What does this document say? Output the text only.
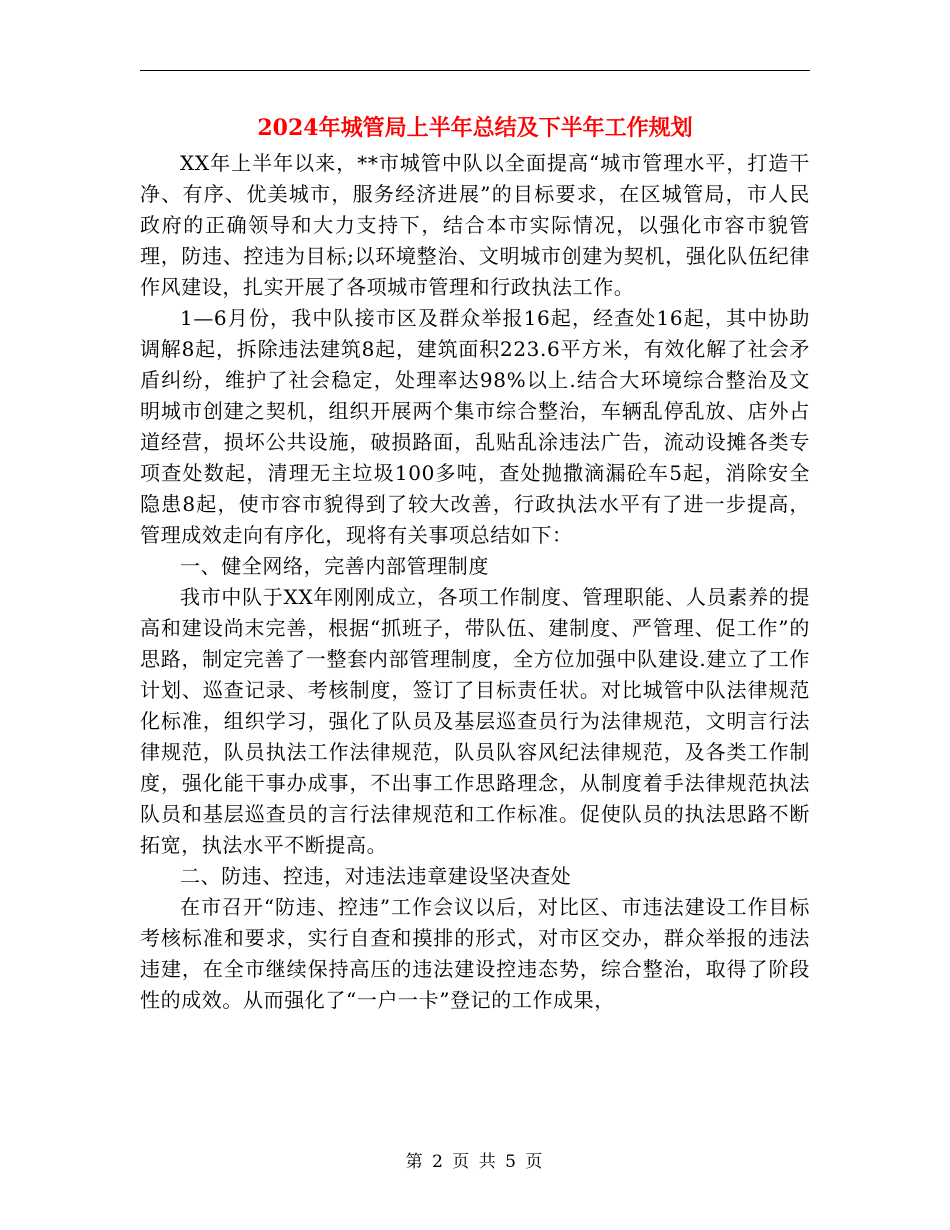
2024年城管局上半年总结及下半年工作规划

XX年上半年以来，**市城管中队以全面提高“城市管理水平，打造干净、有序、优美城市，服务经济进展”的目标要求，在区城管局，市人民政府的正确领导和大力支持下，结合本市实际情况，以强化市容市貌管理，防违、控违为目标;以环境整治、文明城市创建为契机，强化队伍纪律作风建设，扎实开展了各项城市管理和行政执法工作。

1—6月份，我中队接市区及群众举报16起，经查处16起，其中协助调解8起，拆除违法建筑8起，建筑面积223.6平方米，有效化解了社会矛盾纠纷，维护了社会稳定，处理率达98%以上.结合大环境综合整治及文明城市创建之契机，组织开展两个集市综合整治，车辆乱停乱放、店外占道经营，损坏公共设施，破损路面，乱贴乱涂违法广告，流动设摊各类专项查处数起，清理无主垃圾100多吨，查处抛撒滴漏砼车5起，消除安全隐患8起，使市容市貌得到了较大改善，行政执法水平有了进一步提高，管理成效走向有序化，现将有关事项总结如下：

一、健全网络，完善内部管理制度

我市中队于XX年刚刚成立，各项工作制度、管理职能、人员素养的提高和建设尚末完善，根据“抓班子，带队伍、建制度、严管理、促工作”的思路，制定完善了一整套内部管理制度，全方位加强中队建设.建立了工作计划、巡查记录、考核制度，签订了目标责任状。对比城管中队法律规范化标准，组织学习，强化了队员及基层巡查员行为法律规范，文明言行法律规范，队员执法工作法律规范，队员队容风纪法律规范，及各类工作制度，强化能干事办成事，不出事工作思路理念，从制度着手法律规范执法队员和基层巡查员的言行法律规范和工作标准。促使队员的执法思路不断拓宽，执法水平不断提高。

二、防违、控违，对违法违章建设坚决查处

在市召开“防违、控违”工作会议以后，对比区、市违法建设工作目标考核标准和要求，实行自查和摸排的形式，对市区交办，群众举报的违法违建，在全市继续保持高压的违法建设控违态势，综合整治，取得了阶段性的成效。从而强化了“一户一卡”登记的工作成果，

第 2 页 共 5 页
